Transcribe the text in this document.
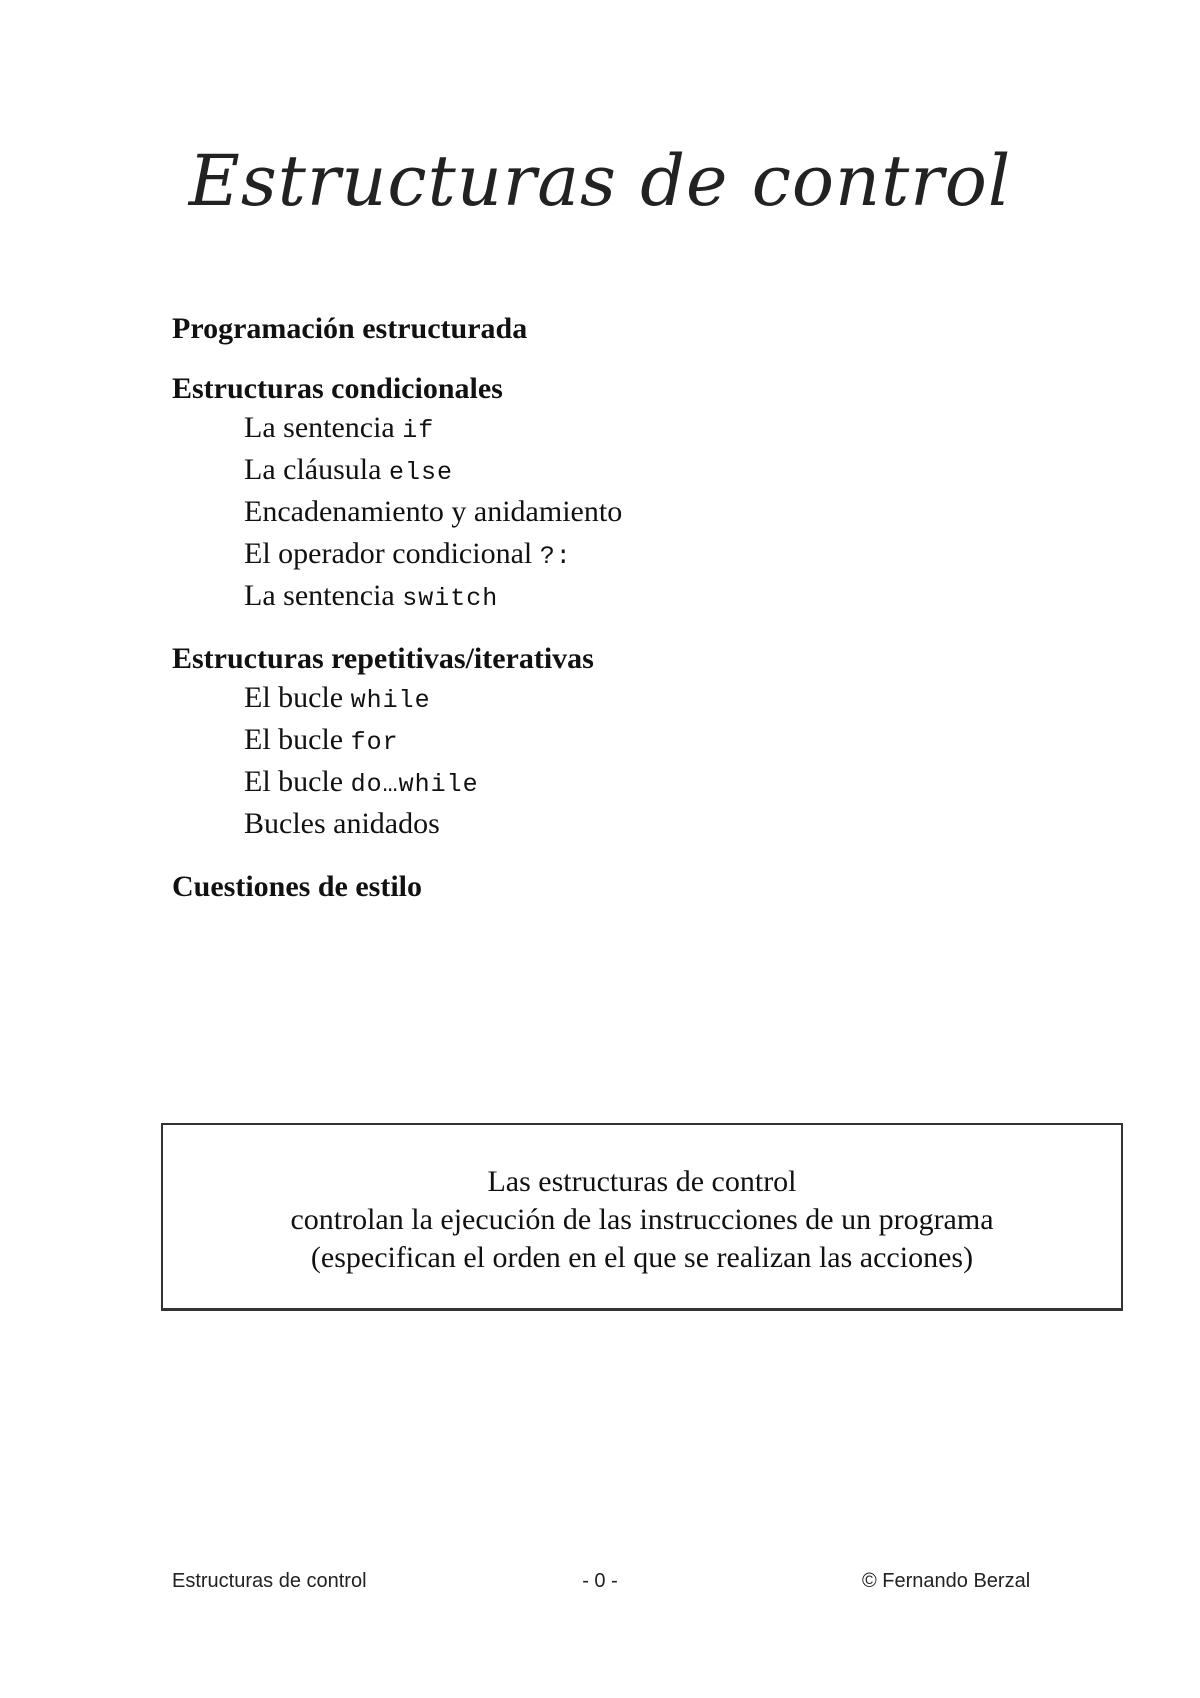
Estructuras de control
Programación estructurada
Estructuras condicionales
La sentencia if
La cláusula else
Encadenamiento y anidamiento
El operador condicional ?:
La sentencia switch
Estructuras repetitivas/iterativas
El bucle while
El bucle for
El bucle do…while
Bucles anidados
Cuestiones de estilo
Las estructuras de control
controlan la ejecución de las instrucciones de un programa
(especifican el orden en el que se realizan las acciones)
Estructuras de control	- 0 -	© Fernando Berzal
